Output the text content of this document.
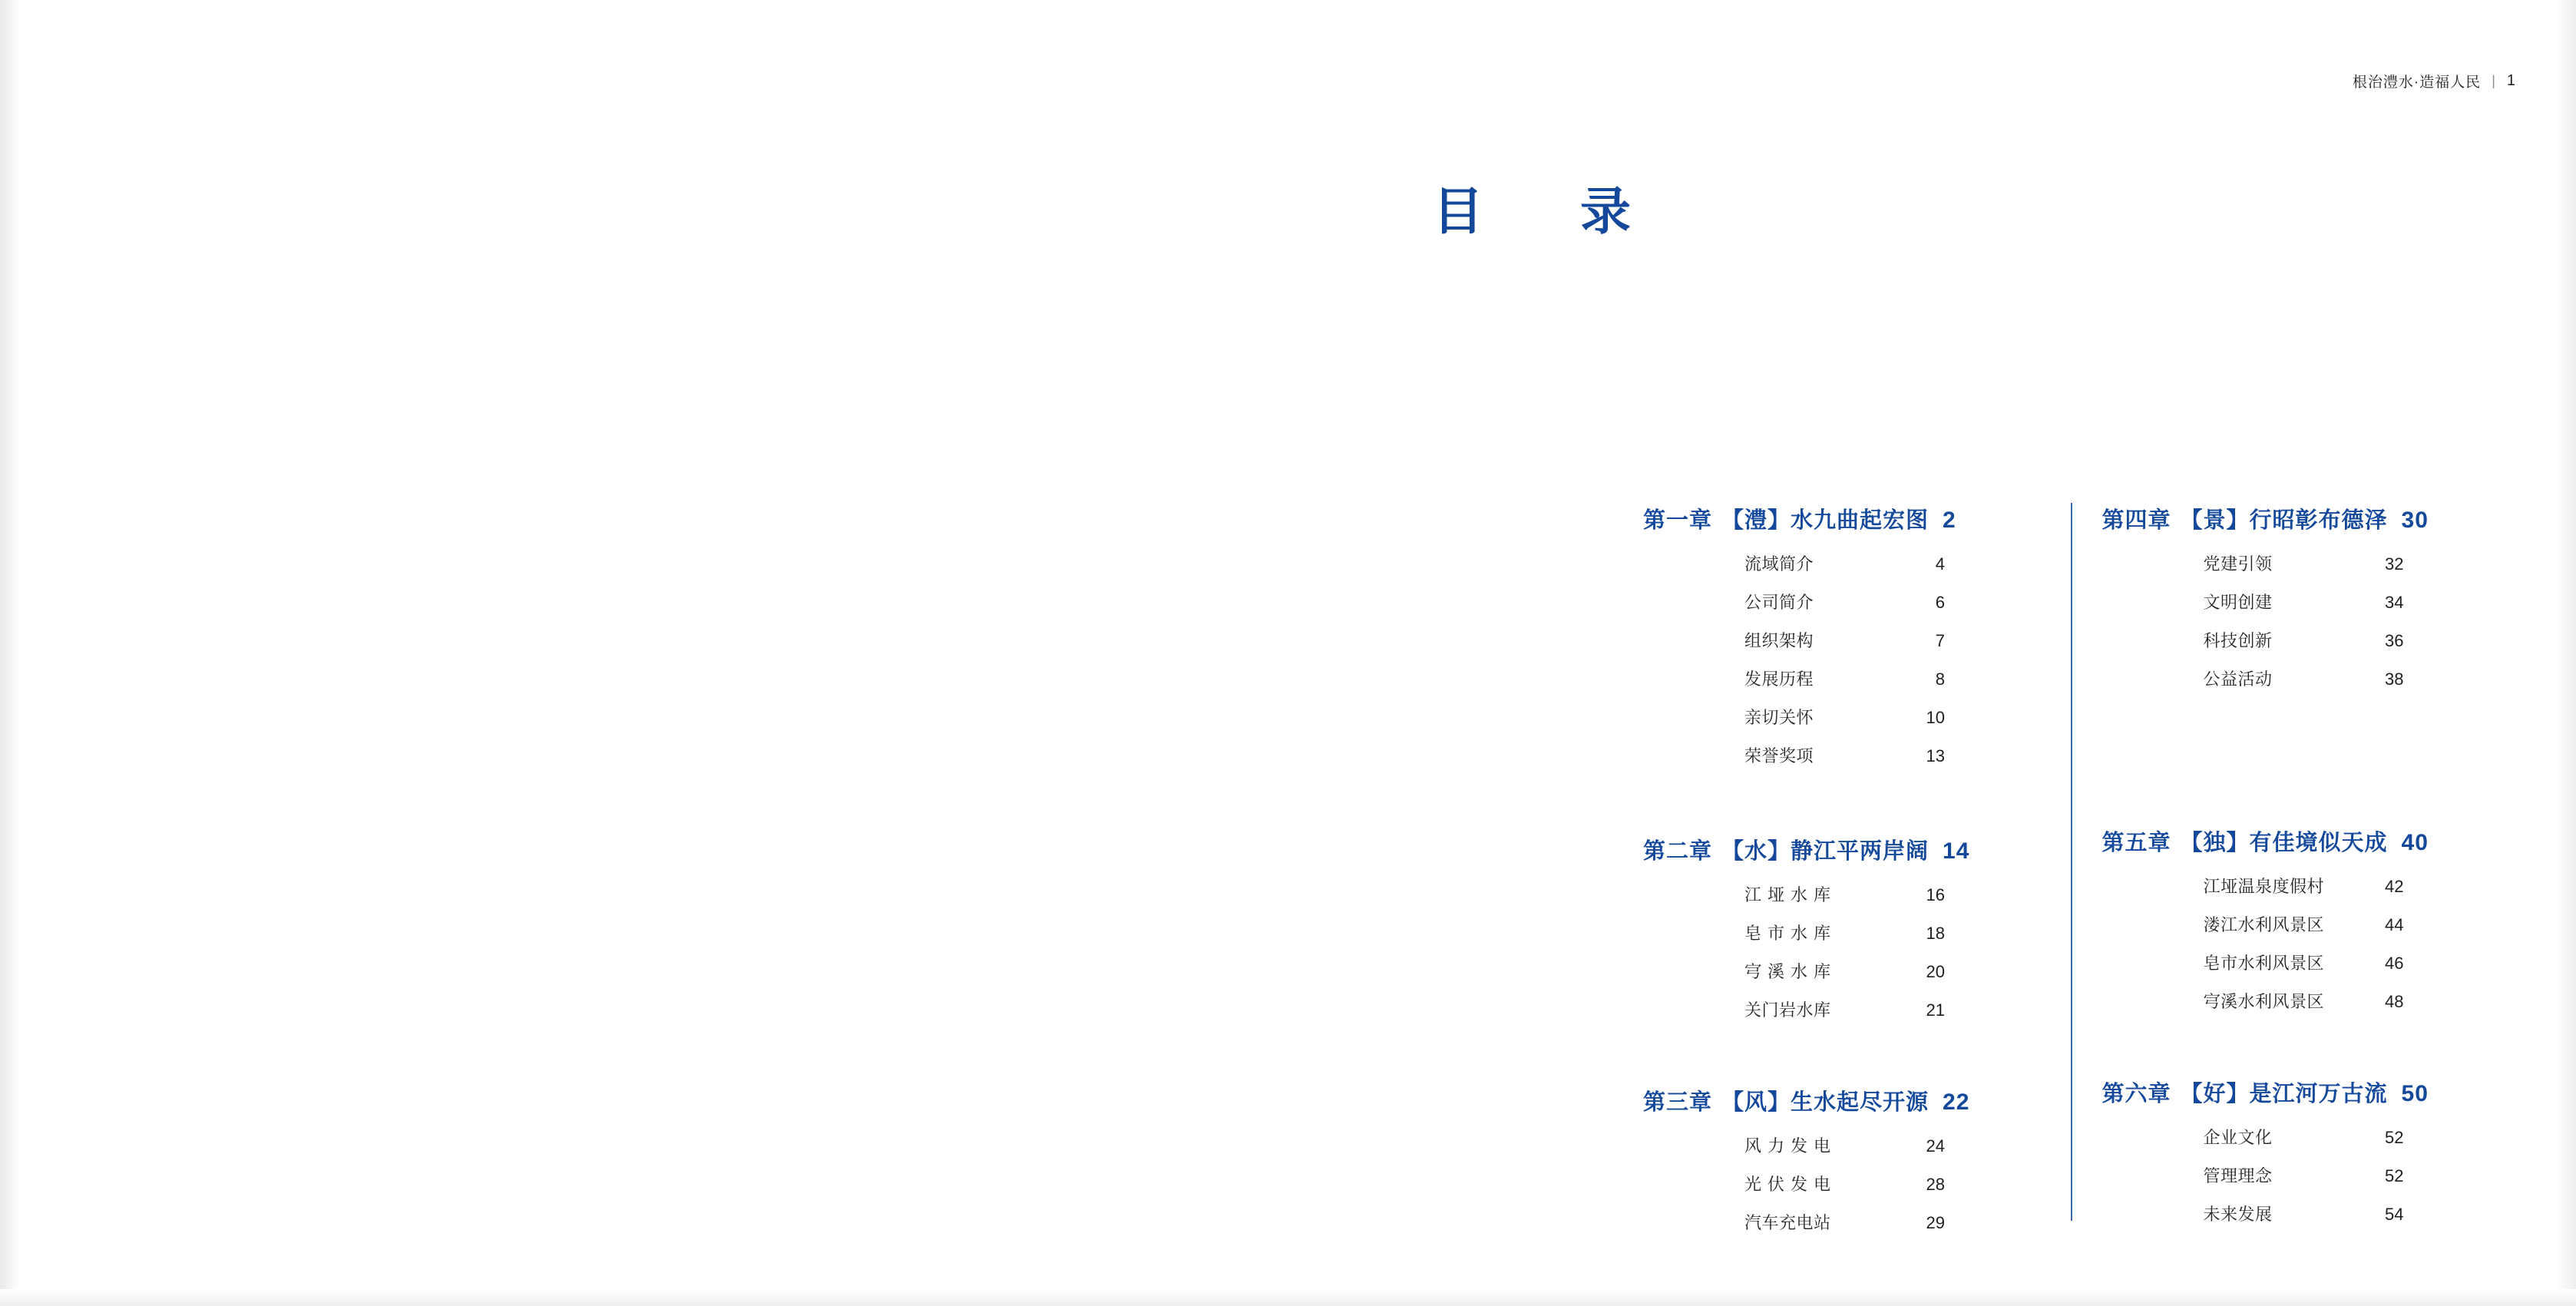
根治澧水·造福人民 | 1
目　录
第一章 【澧】水九曲起宏图 2
流域简介	4
公司简介	6
组织架构	7
发展历程	8
亲切关怀	10
荣誉奖项	13
第二章 【水】静江平两岸阔 14
江垭水库	16
皂市水库	18
宆溪水库	20
关门岩水库	21
第三章 【风】生水起尽开源 22
风力发电	24
光伏发电	28
汽车充电站	29
第四章 【景】行昭彰布德泽 30
党建引领	32
文明创建	34
科技创新	36
公益活动	38
第五章 【独】有佳境似天成 40
江垭温泉度假村	42
溇江水利风景区	44
皂市水利风景区	46
宆溪水利风景区	48
第六章 【好】是江河万古流 50
企业文化	52
管理理念	52
未来发展	54
